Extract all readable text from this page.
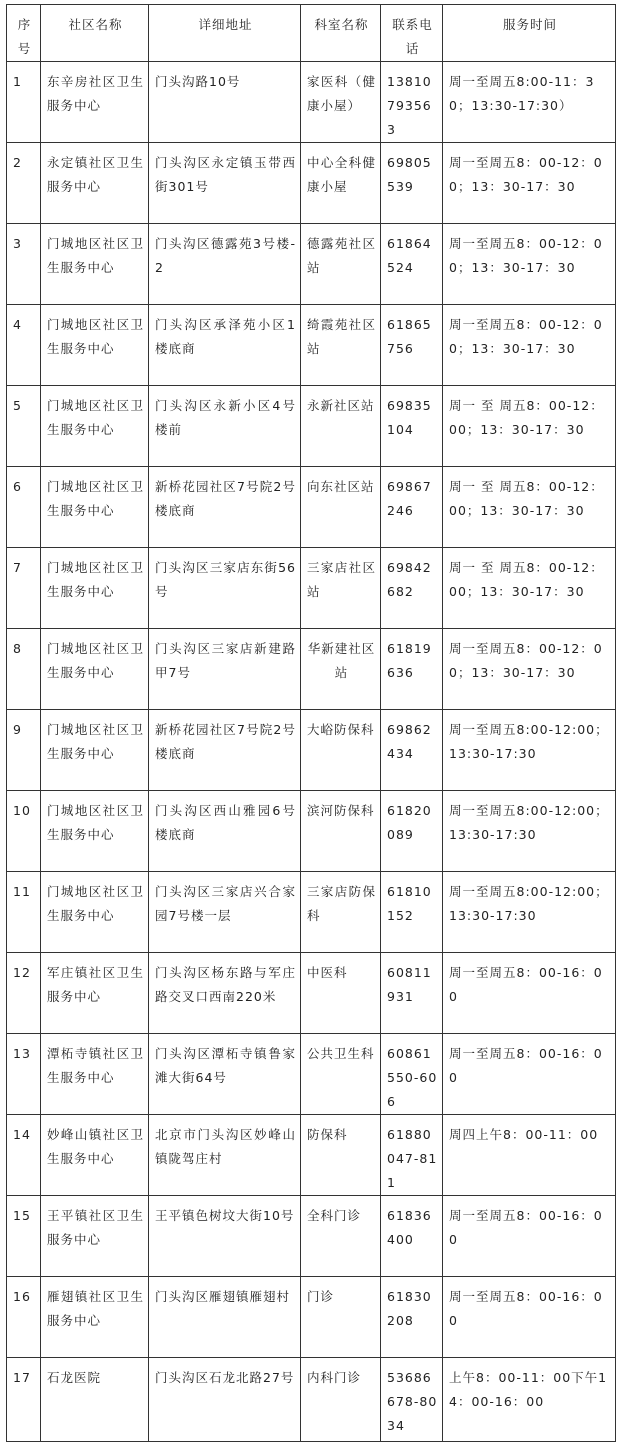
序号	社区名称	详细地址	科室名称	联系电话	服务时间
1	东辛房社区卫生服务中心	门头沟路10号	家医科（健康小屋）	13810793563	周一至周五8:00-11：30；13:30-17:30）
2	永定镇社区卫生服务中心	门头沟区永定镇玉带西街301号	中心全科健康小屋	69805539	周一至周五8：00-12：00；13：30-17：30
3	门城地区社区卫生服务中心	门头沟区德露苑3号楼-2	德露苑社区站	61864524	周一至周五8：00-12：00；13：30-17：30
4	门城地区社区卫生服务中心	门头沟区承泽苑小区1楼底商	绮霞苑社区站	61865756	周一至周五8：00-12：00；13：30-17：30
5	门城地区社区卫生服务中心	门头沟区永新小区4号楼前	永新社区站	69835104	周一 至 周五8：00-12：00；13：30-17：30
6	门城地区社区卫生服务中心	新桥花园社区7号院2号楼底商	向东社区站	69867246	周一 至 周五8：00-12：00；13：30-17：30
7	门城地区社区卫生服务中心	门头沟区三家店东街56号	三家店社区站	69842682	周一 至 周五8：00-12：00；13：30-17：30
8	门城地区社区卫生服务中心	门头沟区三家店新建路甲7号	华新建社区站	61819636	周一至周五8：00-12：00；13：30-17：30
9	门城地区社区卫生服务中心	新桥花园社区7号院2号楼底商	大峪防保科	69862434	周一至周五8:00-12:00；13:30-17:30
10	门城地区社区卫生服务中心	门头沟区西山雅园6号楼底商	滨河防保科	61820089	周一至周五8:00-12:00；13:30-17:30
11	门城地区社区卫生服务中心	门头沟区三家店兴合家园7号楼一层	三家店防保科	61810152	周一至周五8:00-12:00；13:30-17:30
12	军庄镇社区卫生服务中心	门头沟区杨东路与军庄路交叉口西南220米	中医科	60811931	周一至周五8：00-16：00
13	潭柘寺镇社区卫生服务中心	门头沟区潭柘寺镇鲁家滩大街64号	公共卫生科	60861550-606	周一至周五8：00-16：00
14	妙峰山镇社区卫生服务中心	北京市门头沟区妙峰山镇陇驾庄村	防保科	61880047-811	周四上午8：00-11：00
15	王平镇社区卫生服务中心	王平镇色树坟大街10号	全科门诊	61836400	周一至周五8：00-16：00
16	雁翅镇社区卫生服务中心	门头沟区雁翅镇雁翅村	门诊	61830208	周一至周五8：00-16：00
17	石龙医院	门头沟区石龙北路27号	内科门诊	53686678-8034	上午8：00-11：00下午14：00-16：00
